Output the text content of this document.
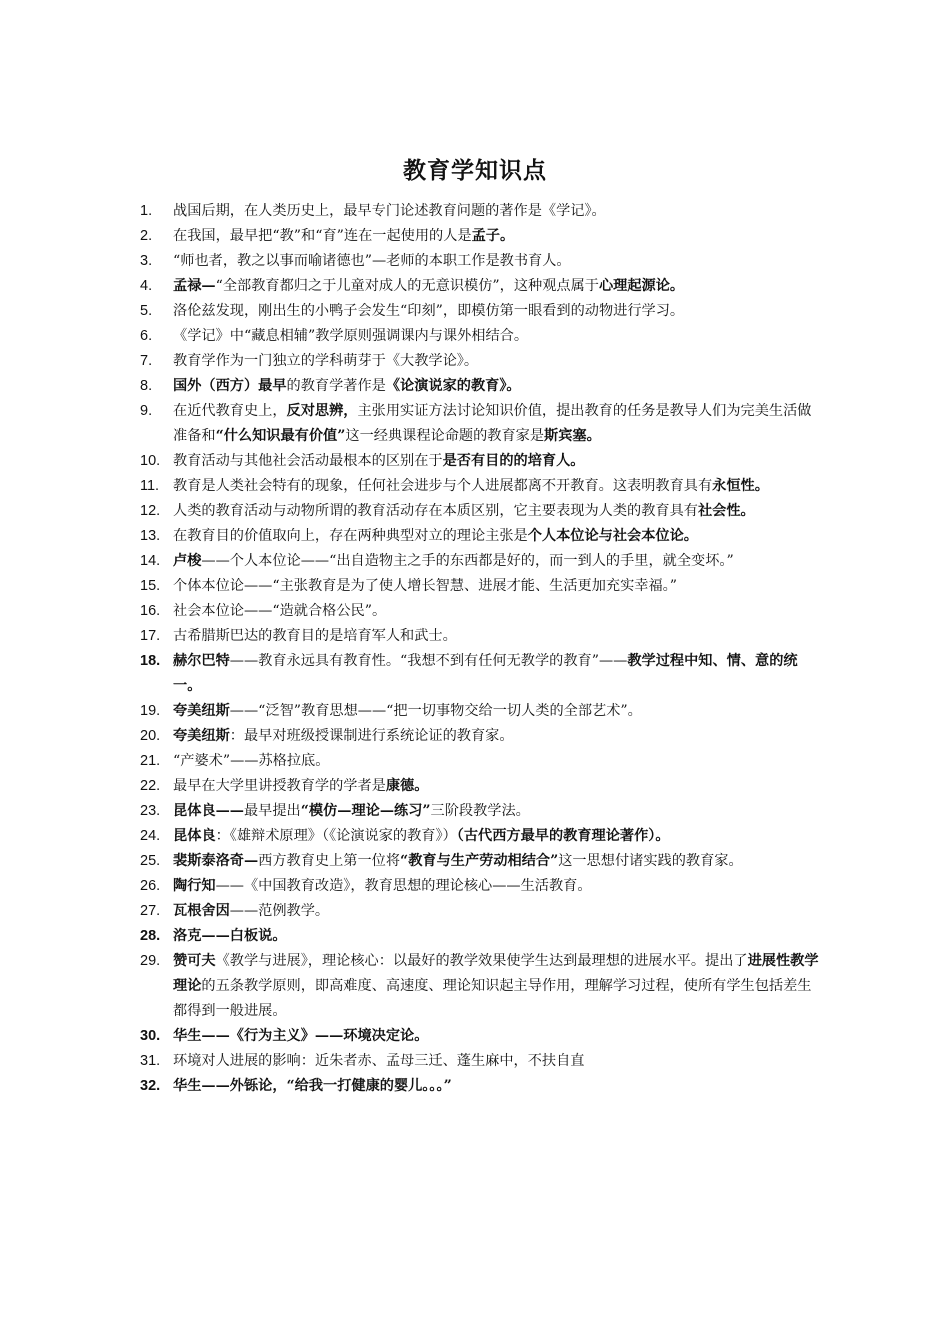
教育学知识点
1. 战国后期，在人类历史上，最早专门论述教育问题的著作是《学记》。
2. 在我国，最早把“教”和“育”连在一起使用的人是孟子。
3. “师也者，教之以事而喻诸德也”—老师的本职工作是教书育人。
4. 孟禄—“全部教育都归之于儿童对成人的无意识模仿”，这种观点属于心理起源论。
5. 洛伦兹发现，刚出生的小鸭子会发生“印刻”，即模仿第一眼看到的动物进行学习。
6. 《学记》中“藏息相辅”教学原则强调课内与课外相结合。
7. 教育学作为一门独立的学科萌芽于《大教学论》。
8. 国外（西方）最早的教育学著作是《论演说家的教育》。
9. 在近代教育史上，反对思辨，主张用实证方法讨论知识价值，提出教育的任务是教导人们为完美生活做准备和“什么知识最有价值”这一经典课程论命题的教育家是斯宾塞。
10. 教育活动与其他社会活动最根本的区别在于是否有目的的培育人。
11. 教育是人类社会特有的现象，任何社会进步与个人进展都离不开教育。这表明教育具有永恒性。
12. 人类的教育活动与动物所谓的教育活动存在本质区别，它主要表现为人类的教育具有社会性。
13. 在教育目的价值取向上，存在两种典型对立的理论主张是个人本位论与社会本位论。
14. 卢梭——个人本位论——“出自造物主之手的东西都是好的，而一到人的手里，就全变坏。”
15. 个体本位论——“主张教育是为了使人增长智慧、进展才能、生活更加充实幸福。”
16. 社会本位论——“造就合格公民”。
17. 古希腊斯巴达的教育目的是培育军人和武士。
18. 赫尔巴特——教育永远具有教育性。“我想不到有任何无教学的教育”——教学过程中知、情、意的统一。
19. 夸美纽斯——“泛智”教育思想——“把一切事物交给一切人类的全部艺术”。
20. 夸美纽斯：最早对班级授课制进行系统论证的教育家。
21. “产婆术”——苏格拉底。
22. 最早在大学里讲授教育学的学者是康德。
23. 昆体良——最早提出“模仿—理论—练习”三阶段教学法。
24. 昆体良：《雄辩术原理》（《论演说家的教育》）（古代西方最早的教育理论著作）。
25. 裴斯泰洛奇—西方教育史上第一位将“教育与生产劳动相结合”这一思想付诸实践的教育家。
26. 陶行知——《中国教育改造》，教育思想的理论核心——生活教育。
27. 瓦根舍因——范例教学。
28. 洛克——白板说。
29. 赞可夫《教学与进展》，理论核心：以最好的教学效果使学生达到最理想的进展水平。提出了进展性教学理论的五条教学原则，即高难度、高速度、理论知识起主导作用，理解学习过程，使所有学生包括差生都得到一般进展。
30. 华生——《行为主义》——环境决定论。
31. 环境对人进展的影响：近朱者赤、孟母三迁、蓬生麻中，不扶自直
32. 华生——外铄论，“给我一打健康的婴儿。。。”
